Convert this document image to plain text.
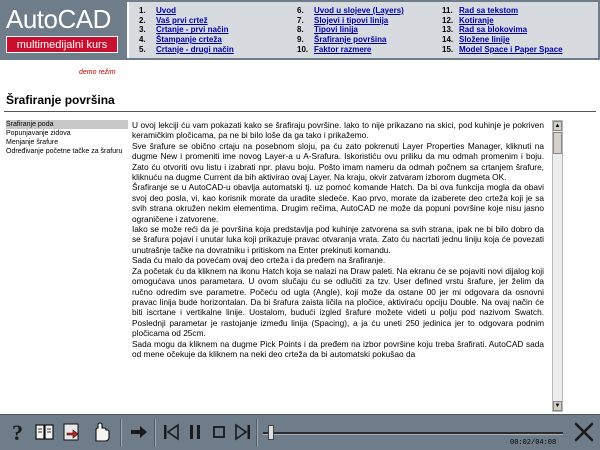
AutoCAD
multimedijalni kurs
1. Uvod
2. Vaš prvi crtež
3. Crtanje - prvi način
4. Štampanje crteža
5. Crtanje - drugi način
6. Uvod u slojeve (Layers)
7. Slojevi i tipovi linija
8. Tipovi linija
9. Šrafiranje površina
10. Faktor razmere
11. Rad sa tekstom
12. Kotiranje
13. Rad sa blokovima
14. Složene linije
15. Model Space i Paper Space
demo režim
Šrafiranje površina
Šrafiranje poda
Popunjavanje zidova
Menjanje šrafure
Određivanje početne tačke za šrafuru

U ovoj lekciji ću vam pokazati kako se šrafiraju površine. Iako to nije prikazano na skici, pod kuhinje je pokriven keramičkim pločicama, pa ne bi bilo loše da ga tako i prikažemo.

Sve šrafure se obično crtaju na posebnom sloju, pa ću zato pokrenuti Layer Properties Manager, kliknuti na dugme New i promeniti ime novog Layer-a u A-Srafura. Iskoristiću ovu priliku da mu odmah promenim i boju. Zato ću otvoriti ovu listu i izabrati npr. plavu boju. Pošto imam nameru da odmah počnem sa crtanjem šrafure, kliknuću na dugme Current da bih aktivirao ovaj Layer. Na kraju, okvir zatvaram izborom dugmeta OK.

Šrafiranje se u AutoCAD-u obavlja automatski tj. uz pomoć komande Hatch. Da bi ova funkcija mogla da obavi svoj deo posla, vi, kao korisnik morate da uradite sledeće. Kao prvo, morate da izaberete deo crteža koji je sa svih strana okružen nekim elementima. Drugim rečima, AutoCAD ne može da popuni površine koje nisu jasno ograničene i zatvorene.

Iako se može reći da je površina koja predstavlja pod kuhinje zatvorena sa svih strana, ipak ne bi bilo dobro da se šrafura pojavi i unutar luka koji prikazuje pravac otvaranja vrata. Zato ću nacrtati jednu liniju koja će povezati unutrašnje tačke na dovratniku i pritiskom na Enter prekinuti komandu.

Sada ću malo da povećam ovaj deo crteža i da pređem na šrafiranje.

Za početak ću da kliknem na ikonu Hatch koja se nalazi na Draw paleti. Na ekranu će se pojaviti novi dijalog koji omogućava unos parametara. U ovom slučaju ću se odlučiti za tzv. User defined vrstu šrafure, jer želim da ručno odredim sve parametre. Počeću od ugla (Angle), koji može da ostane 00 jer mi odgovara da osnovni pravac linija bude horizontalan. Da bi šrafura zaista ličila na pločice, aktiviraću opciju Double. Na ovaj način će biti iscrtane i vertikalne linije. Uostalom, budući izgled šrafure možete videti u polju pod nazivom Swatch. Poslednji parametar je rastojanje između linija (Spacing), a ja ću uneti 250 jedinica jer to odgovara podnim pločicama od 25cm.

Sada mogu da kliknem na dugme Pick Points i da pređem na izbor površine koju treba šrafirati. AutoCAD sada od mene očekuje da kliknem na neki deo crteža da bi automatski pokušao da

▲
▼
?	00:02/04:08
